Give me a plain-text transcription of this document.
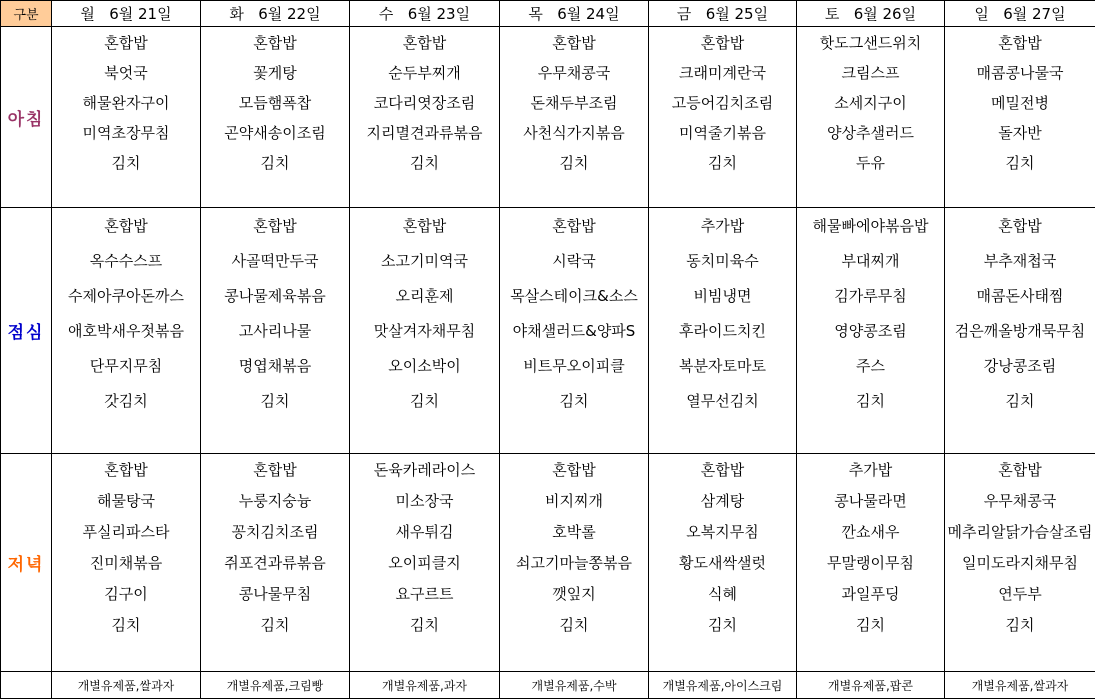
구분	월 6월 21일	화 6월 22일	수 6월 23일	목 6월 24일	금 6월 25일	토 6월 26일	일 6월 27일
아침	혼합밥	혼합밥	혼합밥	혼합밥	혼합밥	핫도그샌드위치	혼합밥
	북엇국	꽃게탕	순두부찌개	우무채콩국	크래미계란국	크림스프	매콤콩나물국
	해물완자구이	모듬햄폭찹	코다리엿장조림	돈채두부조림	고등어김치조림	소세지구이	메밀전병
	미역초장무침	곤약새송이조림	지리멸견과류볶음	사천식가지볶음	미역줄기볶음	양상추샐러드	돌자반
	김치	김치	김치	김치	김치	두유	김치

점심	혼합밥	혼합밥	혼합밥	혼합밥	추가밥	해물빠에야볶음밥	혼합밥
	옥수수스프	사골떡만두국	소고기미역국	시락국	동치미육수	부대찌개	부추재첩국
	수제아쿠아돈까스	콩나물제육볶음	오리훈제	목살스테이크&소스	비빔냉면	김가루무침	매콤돈사태찜
	애호박새우젓볶음	고사리나물	맛살겨자채무침	야채샐러드&양파S	후라이드치킨	영양콩조림	검은깨올방개묵무침
	단무지무침	명엽채볶음	오이소박이	비트무오이피클	복분자토마토	주스	강낭콩조림
	갓김치	김치	김치	김치	열무선김치	김치	김치

저녁	혼합밥	혼합밥	돈육카레라이스	혼합밥	혼합밥	추가밥	혼합밥
	해물탕국	누룽지숭늉	미소장국	비지찌개	삼계탕	콩나물라면	우무채콩국
	푸실리파스타	꽁치김치조림	새우튀김	호박롤	오복지무침	깐쇼새우	메추리알닭가슴살조림
	진미채볶음	쥐포견과류볶음	오이피클지	쇠고기마늘쫑볶음	황도새싹샐럿	무말랭이무침	일미도라지채무침
	김구이	콩나물무침	요구르트	깻잎지	식혜	과일푸딩	연두부
	김치	김치	김치	김치	김치	김치	김치

	개별유제품,쌀과자	개별유제품,크림빵	개별유제품,과자	개별유제품,수박	개별유제품,아이스크림	개별유제품,팝콘	개별유제품,쌀과자
